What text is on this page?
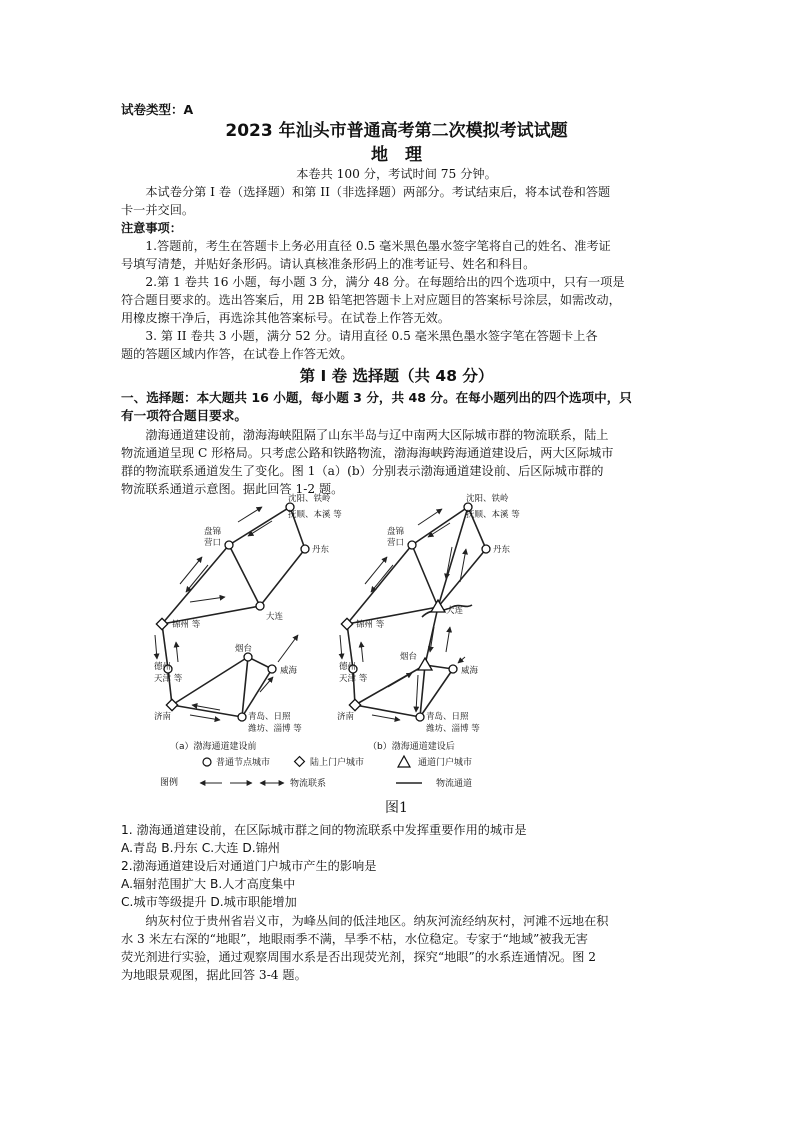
试卷类型：A
2023 年汕头市普通高考第二次模拟考试试题
地　理
本卷共 100 分，考试时间 75 分钟。
　　本试卷分第 I 卷（选择题）和第 II（非选择题）两部分。考试结束后，将本试卷和答题
卡一并交回。
注意事项：
　　1.答题前，考生在答题卡上务必用直径 0.5 毫米黑色墨水签字笔将自己的姓名、准考证
号填写清楚，并贴好条形码。请认真核准条形码上的准考证号、姓名和科目。
　　2.第 1 卷共 16 小题，每小题 3 分，满分 48 分。在每题给出的四个选项中，只有一项是
符合题目要求的。选出答案后，用 2B 铅笔把答题卡上对应题目的答案标号涂层，如需改动，
用橡皮擦干净后，再选涂其他答案标号。在试卷上作答无效。
　　3. 第 II 卷共 3 小题，满分 52 分。请用直径 0.5 毫米黑色墨水签字笔在答题卡上各
题的答题区域内作答，在试卷上作答无效。
第 I 卷 选择题（共 48 分）
一、选择题：本大题共 16 小题，每小题 3 分，共 48 分。在每小题列出的四个选项中，只
有一项符合题目要求。
　　渤海通道建设前，渤海海峡阻隔了山东半岛与辽中南两大区际城市群的物流联系，陆上
物流通道呈现 C 形格局。只考虑公路和铁路物流，渤海海峡跨海通道建设后，两大区际城市
群的物流联系通道发生了变化。图 1（a）(b）分别表示渤海通道建设前、后区际城市群的
物流联系通道示意图。据此回答 1-2 题。
沈阳、铁岭
抚顺、本溪 等
盘锦
营口
丹东
大连
锦州 等
烟台
威海
德州
天津 等
济南	青岛、日照
潍坊、淄博 等
（a）渤海通道建设前
沈阳、铁岭
抚顺、本溪 等
盘锦
营口
丹东
大连
锦州 等
烟台
威海
德州
天津 等
济南	青岛、日照
潍坊、淄博 等
（b）渤海通道建设后
普通节点城市	陆上门户城市	通道门户城市
图例	物流联系	物流通道
图1
1. 渤海通道建设前，在区际城市群之间的物流联系中发挥重要作用的城市是
A.青岛 B.丹东 C.大连 D.锦州
2.渤海通道建设后对通道门户城市产生的影响是
A.辐射范围扩大 B.人才高度集中
C.城市等级提升 D.城市职能增加
　　纳灰村位于贵州省岩义市，为峰丛间的低洼地区。纳灰河流经纳灰村，河滩不远地在积
水 3 米左右深的“地眼”，地眼雨季不满，旱季不枯，水位稳定。专家于“地域”被我无害
荧光剂进行实验，通过观察周围水系是否出现荧光剂，探究“地眼”的水系连通情况。图 2
为地眼景观图，据此回答 3-4 题。
